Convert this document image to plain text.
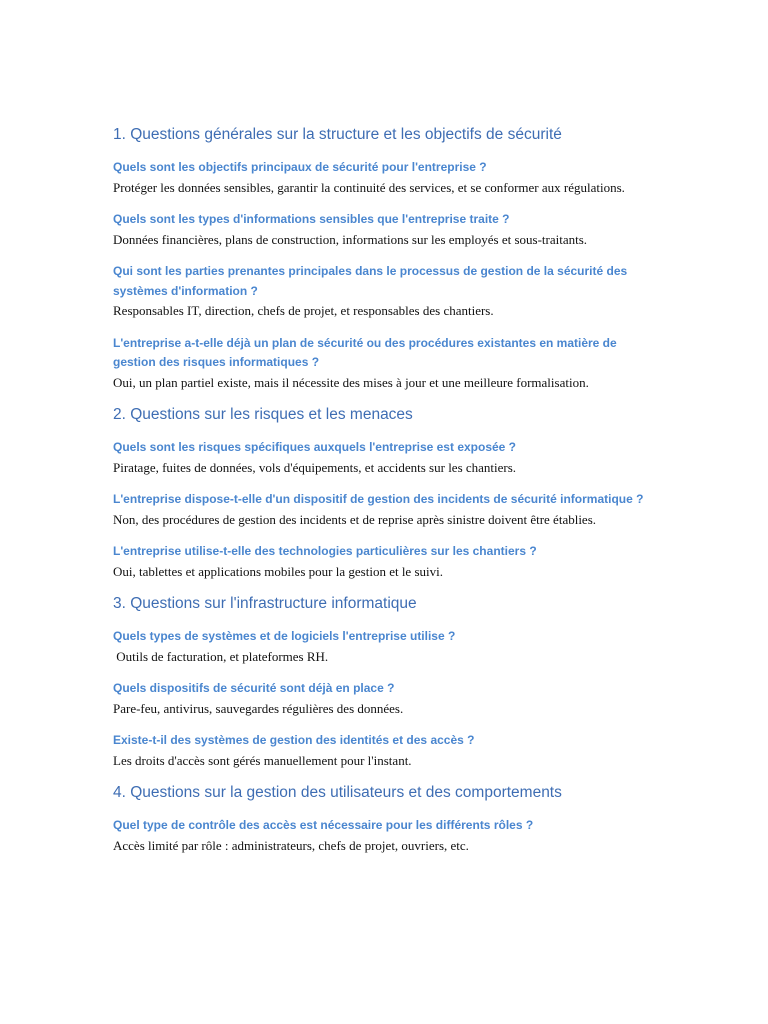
1. Questions générales sur la structure et les objectifs de sécurité

Quels sont les objectifs principaux de sécurité pour l'entreprise ?

Protéger les données sensibles, garantir la continuité des services, et se conformer aux régulations.

Quels sont les types d'informations sensibles que l'entreprise traite ?

Données financières, plans de construction, informations sur les employés et sous-traitants.

Qui sont les parties prenantes principales dans le processus de gestion de la sécurité des systèmes d'information ?

Responsables IT, direction, chefs de projet, et responsables des chantiers.

L'entreprise a-t-elle déjà un plan de sécurité ou des procédures existantes en matière de gestion des risques informatiques ?

Oui, un plan partiel existe, mais il nécessite des mises à jour et une meilleure formalisation.

2. Questions sur les risques et les menaces

Quels sont les risques spécifiques auxquels l'entreprise est exposée ?

Piratage, fuites de données, vols d'équipements, et accidents sur les chantiers.

L'entreprise dispose-t-elle d'un dispositif de gestion des incidents de sécurité informatique ?

Non, des procédures de gestion des incidents et de reprise après sinistre doivent être établies.

L'entreprise utilise-t-elle des technologies particulières sur les chantiers ?

Oui, tablettes et applications mobiles pour la gestion et le suivi.

3. Questions sur l'infrastructure informatique

Quels types de systèmes et de logiciels l'entreprise utilise ?

Outils de facturation, et plateformes RH.

Quels dispositifs de sécurité sont déjà en place ?

Pare-feu, antivirus, sauvegardes régulières des données.

Existe-t-il des systèmes de gestion des identités et des accès ?

Les droits d'accès sont gérés manuellement pour l'instant.

4. Questions sur la gestion des utilisateurs et des comportements

Quel type de contrôle des accès est nécessaire pour les différents rôles ?

Accès limité par rôle : administrateurs, chefs de projet, ouvriers, etc.
